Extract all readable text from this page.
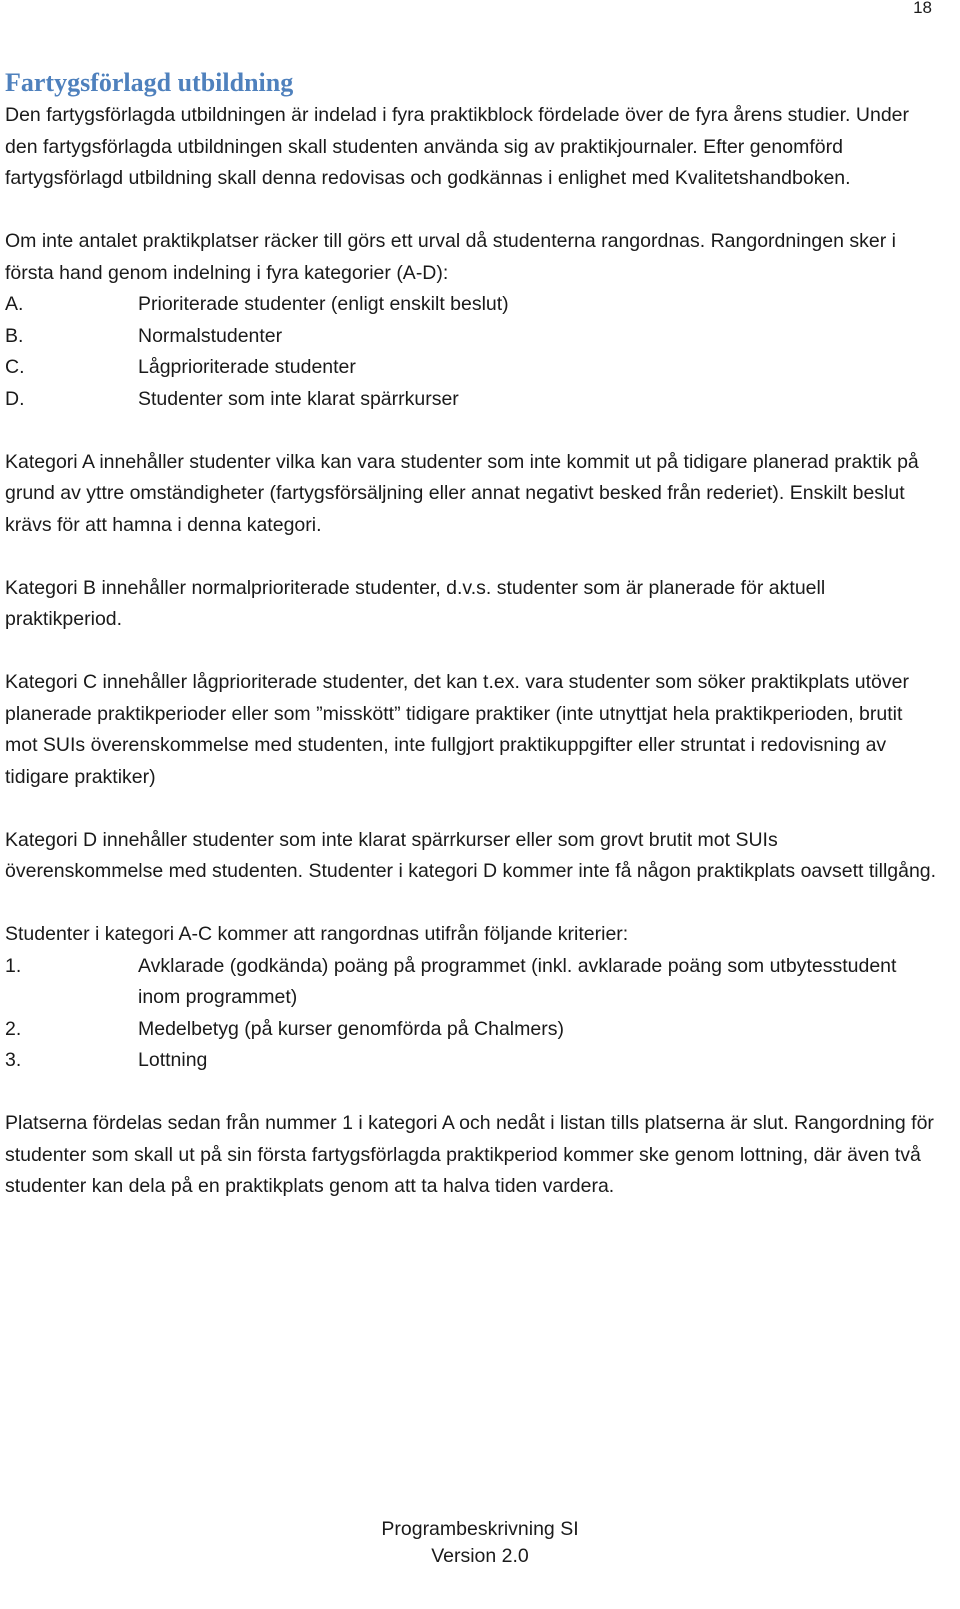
18
Fartygsförlagd utbildning

Den fartygsförlagda utbildningen är indelad i fyra praktikblock fördelade över de fyra årens studier. Under den fartygsförlagda utbildningen skall studenten använda sig av praktikjournaler. Efter genomförd fartygsförlagd utbildning skall denna redovisas och godkännas i enlighet med Kvalitetshandboken.

Om inte antalet praktikplatser räcker till görs ett urval då studenterna rangordnas. Rangordningen sker i första hand genom indelning i fyra kategorier (A-D):

A.	Prioriterade studenter (enligt enskilt beslut)
B.	Normalstudenter
C.	Lågprioriterade studenter
D.	Studenter som inte klarat spärrkurser

Kategori A innehåller studenter vilka kan vara studenter som inte kommit ut på tidigare planerad praktik på grund av yttre omständigheter (fartygsförsäljning eller annat negativt besked från rederiet). Enskilt beslut krävs för att hamna i denna kategori.

Kategori B innehåller normalprioriterade studenter, d.v.s. studenter som är planerade för aktuell praktikperiod.

Kategori C innehåller lågprioriterade studenter, det kan t.ex. vara studenter som söker praktikplats utöver planerade praktikperioder eller som ”misskött” tidigare praktiker (inte utnyttjat hela praktikperioden, brutit mot SUIs överenskommelse med studenten, inte fullgjort praktikuppgifter eller struntat i redovisning av tidigare praktiker)

Kategori D innehåller studenter som inte klarat spärrkurser eller som grovt brutit mot SUIs överenskommelse med studenten. Studenter i kategori D kommer inte få någon praktikplats oavsett tillgång.

Studenter i kategori A-C kommer att rangordnas utifrån följande kriterier:

1.	Avklarade (godkända) poäng på programmet (inkl. avklarade poäng som utbytesstudent inom programmet)
2.	Medelbetyg (på kurser genomförda på Chalmers)
3.	Lottning

Platserna fördelas sedan från nummer 1 i kategori A och nedåt i listan tills platserna är slut. Rangordning för studenter som skall ut på sin första fartygsförlagda praktikperiod kommer ske genom lottning, där även två studenter kan dela på en praktikplats genom att ta halva tiden vardera.

Programbeskrivning SI
Version 2.0
